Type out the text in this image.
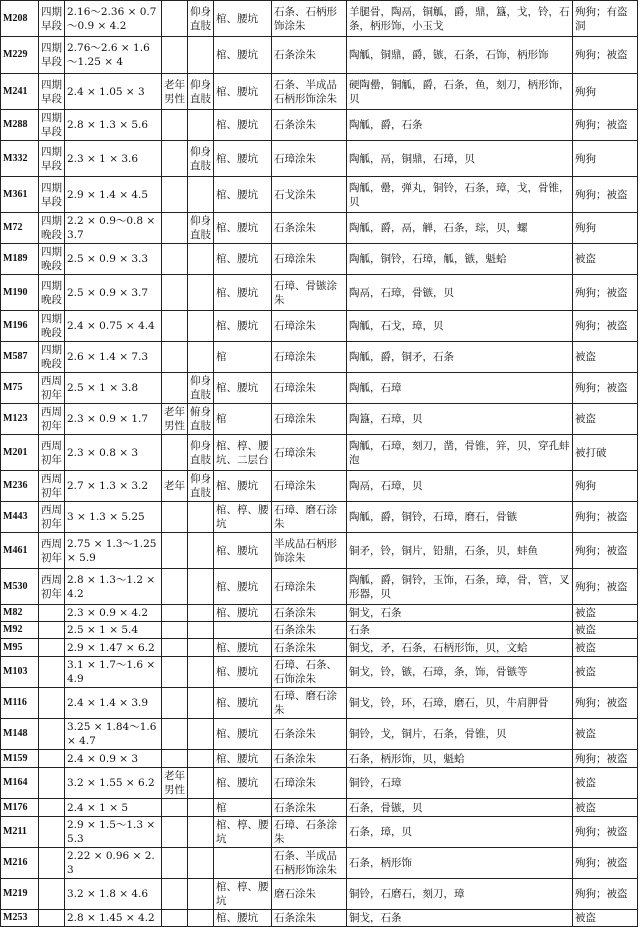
M208	四期早段	2.16～2.36 × 0.7～0.9 × 4.2		仰身直肢	棺、腰坑	石条、石柄形饰涂朱	羊腿骨，陶鬲，铜觚，爵，鼎，簋，戈，铃，石条，柄形饰，小玉戈	殉狗；有盗洞
M229	四期早段	2.76～2.6 × 1.6～1.25 × 4			棺、腰坑	石条涂朱	陶觚，铜鼎，爵，镞，石条，石饰，柄形饰	殉狗；被盗
M241	四期早段	2.4 × 1.05 × 3	老年男性	仰身直肢	棺、腰坑	石条、半成品石柄形饰涂朱	硬陶罍，铜觚，爵，石条，鱼，刻刀，柄形饰，贝	殉狗
M288	四期早段	2.8 × 1.3 × 5.6			棺、腰坑	石条涂朱	陶觚，爵，石条	殉狗；被盗
M332	四期早段	2.3 × 1 × 3.6		仰身直肢	棺、腰坑	石璋涂朱	陶觚，鬲，铜鼎，石璋，贝	殉狗
M361	四期早段	2.9 × 1.4 × 4.5			棺、腰坑	石戈涂朱	陶觚，罍，弹丸，铜铃，石条，璋，戈，骨锥，贝	殉狗；被盗
M72	四期晚段	2.2 × 0.9～0.8 × 3.7		仰身直肢	棺、腰坑	石条涂朱	陶觚，爵，鬲，觯，石条，琮，贝，螺	殉狗
M189	四期晚段	2.5 × 0.9 × 3.3			棺、腰坑	石璋涂朱	陶觚，铜铃，石璋，觚，镞，魁蛤	被盗
M190	四期晚段	2.5 × 0.9 × 3.7			棺、腰坑	石璋、骨镞涂朱	陶鬲，石璋，骨镞，贝	殉狗；被盗
M196	四期晚段	2.4 × 0.75 × 4.4			棺、腰坑	石璋涂朱	陶觚，石戈，璋，贝	殉狗；被盗
M587	四期晚段	2.6 × 1.4 × 7.3			棺	石璋涂朱	陶觚，爵，铜矛，石条	被盗
M75	西周初年	2.5 × 1 × 3.8		仰身直肢	棺、腰坑	石璋涂朱	陶觚，石璋	殉狗；被盗
M123	西周初年	2.3 × 0.9 × 1.7	老年男性	俯身直肢	棺	石璋涂朱	陶簋，石璋，贝	被盗
M201	西周初年	2.3 × 0.8 × 3		仰身直肢	棺、椁、腰坑、二层台	石璋涂朱	陶觚，石璋，刻刀，凿，骨锥，笄，贝，穿孔蚌泡	被打破
M236	西周初年	2.7 × 1.3 × 3.2	老年	仰身直肢	棺、腰坑	石璋涂朱	陶鬲，石璋，贝	殉狗
M443	西周初年	3 × 1.3 × 5.25			棺、椁、腰坑	石璋、磨石涂朱	陶觚，爵，铜铃，石璋，磨石，骨镞	殉狗；被盗
M461	西周初年	2.75 × 1.3～1.25 × 5.9			棺、腰坑	半成品石柄形饰涂朱	铜矛，铃，铜片，铅鼎，石条，贝，蚌鱼	殉狗；被盗
M530	西周初年	2.8 × 1.3～1.2 × 4.2			棺、腰坑	石璋涂朱	陶觚，爵，铜铃，玉饰，石条，璋，骨，管，叉形器，贝	殉狗；被盗
M82		2.3 × 0.9 × 4.2			棺、腰坑	石条涂朱	铜戈，石条	被盗
M92		2.5 × 1 × 5.4				石条涂朱	石条	被盗
M95		2.9 × 1.47 × 6.2			棺、腰坑	石条涂朱	铜戈，矛，石条，石柄形饰，贝，文蛤	被盗
M103		3.1 × 1.7～1.6 × 4.9			棺、腰坑	石璋、石条、石饰涂朱	铜戈，铃，镞，石璋，条，饰，骨镞等	被盗
M116		2.4 × 1.4 × 3.9			棺、腰坑	石璋、磨石涂朱	铜戈，铃，环，石璋，磨石，贝，牛肩胛骨	殉狗；被盗
M148		3.25 × 1.84～1.6 × 4.7			棺、腰坑	石条涂朱	铜铃，戈，铜片，石条，骨锥，贝	被盗
M159		2.4 × 0.9 × 3			棺、腰坑	石条涂朱	石条，柄形饰，贝，魁蛤	殉狗；被盗
M164		3.2 × 1.55 × 6.2	老年男性		棺、腰坑	石璋涂朱	铜铃，石璋	被盗
M176		2.4 × 1 × 5			棺	石条涂朱	石条，骨镞，贝	被盗
M211		2.9 × 1.5～1.3 × 5.3			棺、椁、腰坑	石璋、石条涂朱	石条，璋，贝	殉狗；被盗
M216		2.22 × 0.96 × 2.3				石条、半成品石柄形饰涂朱	石条，柄形饰	殉狗；被盗
M219		3.2 × 1.8 × 4.6			棺、椁、腰坑	磨石涂朱	铜铃，石磨石，刻刀，璋	殉狗；被盗
M253		2.8 × 1.45 × 4.2			棺、腰坑	石条涂朱	铜戈，石条	被盗
